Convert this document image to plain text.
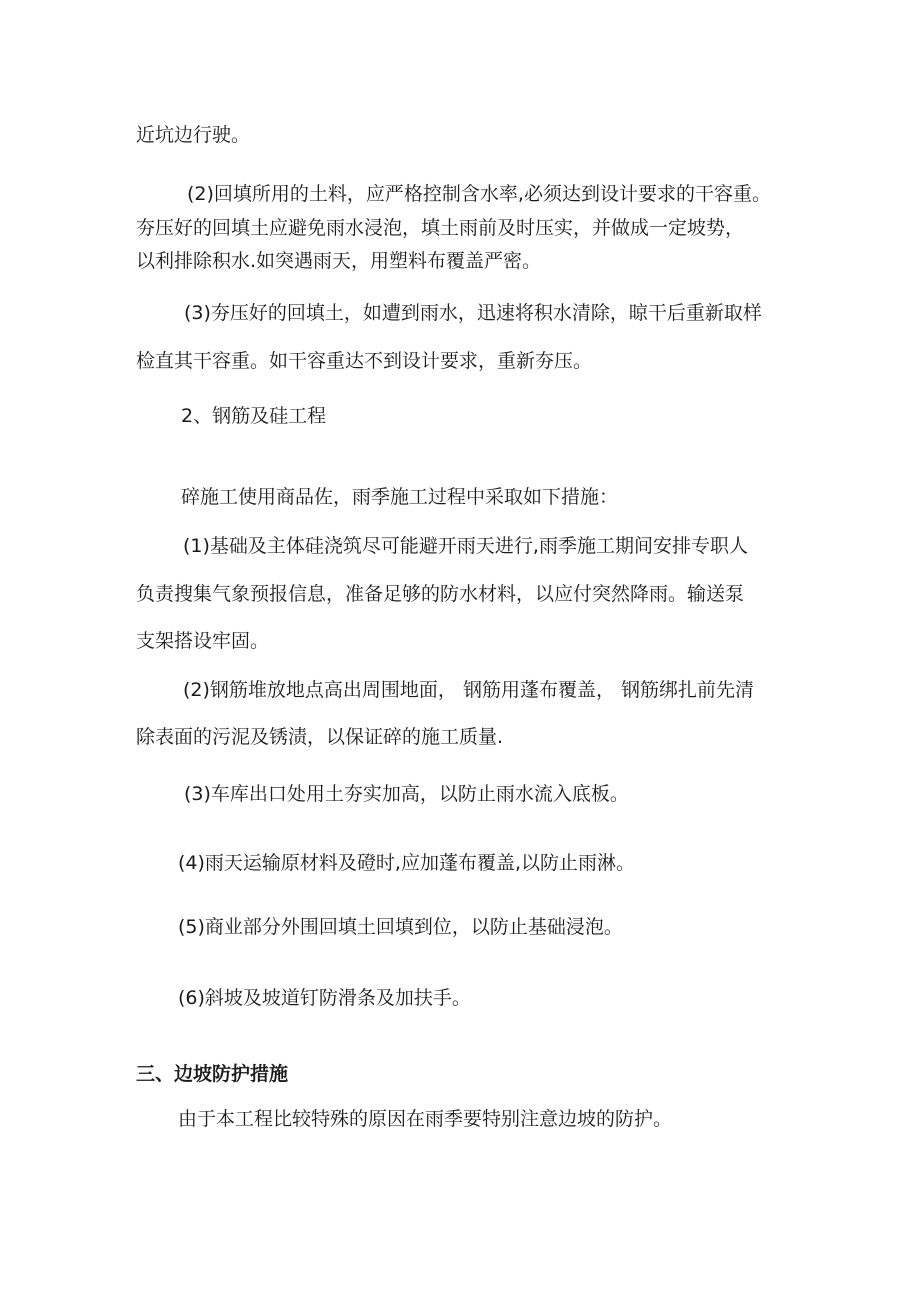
近坑边行驶。
(2)回填所用的土料，应严格控制含水率,必须达到设计要求的干容重。
夯压好的回填土应避免雨水浸泡，填土雨前及时压实，并做成一定坡势，
以利排除积水.如突遇雨天，用塑料布覆盖严密。
(3)夯压好的回填土，如遭到雨水，迅速将积水清除，晾干后重新取样
检直其干容重。如干容重达不到设计要求，重新夯压。
2、钢筋及硅工程
碎施工使用商品佐，雨季施工过程中采取如下措施：
(1)基础及主体硅浇筑尽可能避开雨天进行,雨季施工期间安排专职人
负责搜集气象预报信息，准备足够的防水材料，以应付突然降雨。输送泵
支架搭设牢固。
(2)钢筋堆放地点高出周围地面， 钢筋用蓬布覆盖， 钢筋绑扎前先清
除表面的污泥及锈渍，以保证碎的施工质量.
(3)车库出口处用土夯实加高，以防止雨水流入底板。
(4)雨天运输原材料及磴时,应加蓬布覆盖,以防止雨淋。
(5)商业部分外围回填土回填到位，以防止基础浸泡。
(6)斜坡及坡道钉防滑条及加扶手。
三、边坡防护措施
由于本工程比较特殊的原因在雨季要特别注意边坡的防护。
